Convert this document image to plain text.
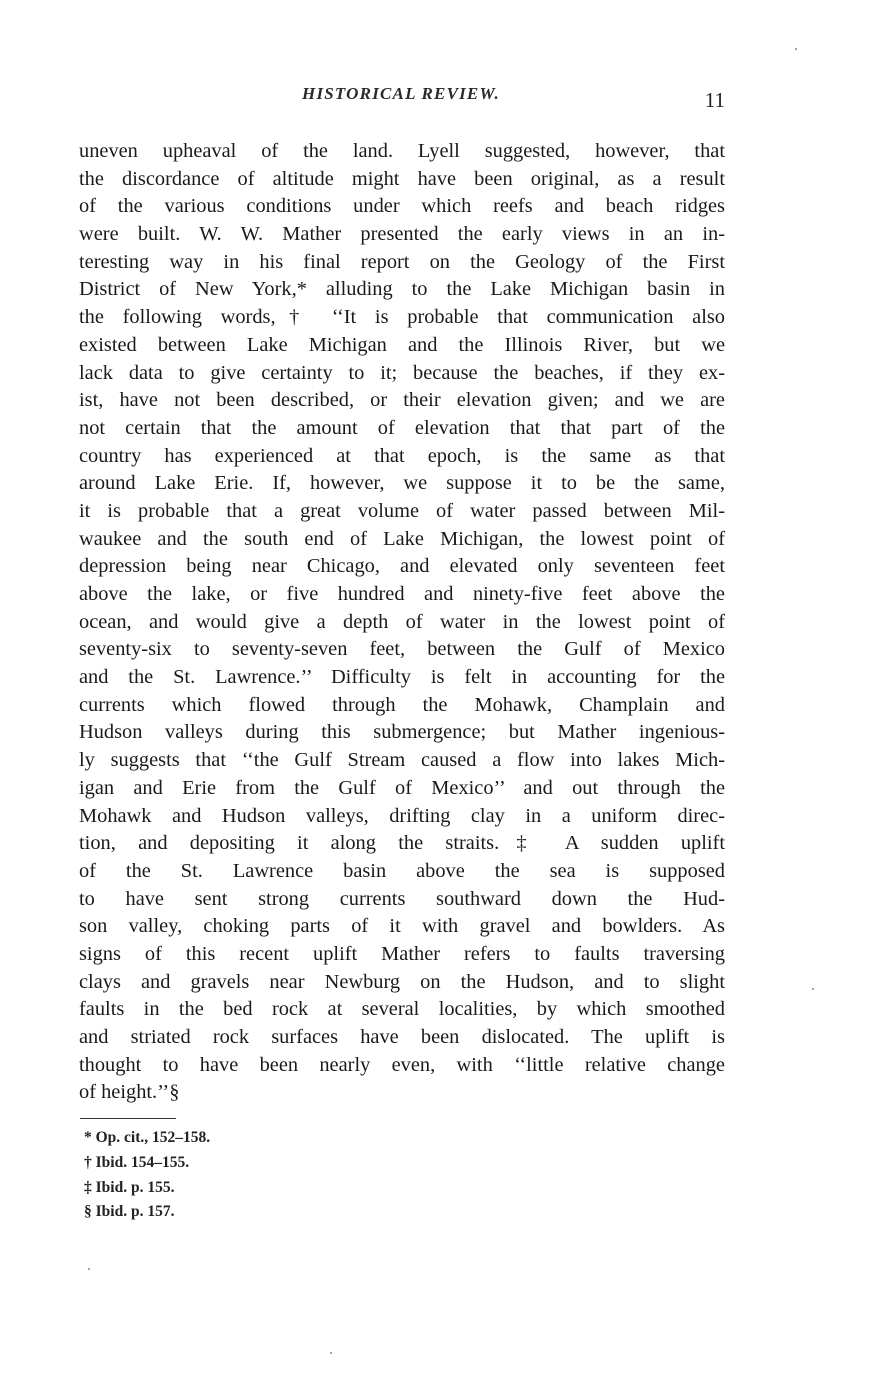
HISTORICAL REVIEW.	11
uneven upheaval of the land. Lyell suggested, however, that
the discordance of altitude might have been original, as a result
of the various conditions under which reefs and beach ridges
were built. W. W. Mather presented the early views in an in-
teresting way in his final report on the Geology of the First
District of New York,* alluding to the Lake Michigan basin in
the following words,† ‘‘It is probable that communication also
existed between Lake Michigan and the Illinois River, but we
lack data to give certainty to it; because the beaches, if they ex-
ist, have not been described, or their elevation given; and we are
not certain that the amount of elevation that that part of the
country has experienced at that epoch, is the same as that
around Lake Erie. If, however, we suppose it to be the same,
it is probable that a great volume of water passed between Mil-
waukee and the south end of Lake Michigan, the lowest point of
depression being near Chicago, and elevated only seventeen feet
above the lake, or five hundred and ninety-five feet above the
ocean, and would give a depth of water in the lowest point of
seventy-six to seventy-seven feet, between the Gulf of Mexico
and the St. Lawrence.’’ Difficulty is felt in accounting for the
currents which flowed through the Mohawk, Champlain and
Hudson valleys during this submergence; but Mather ingenious-
ly suggests that ‘‘the Gulf Stream caused a flow into lakes Mich-
igan and Erie from the Gulf of Mexico’’ and out through the
Mohawk and Hudson valleys, drifting clay in a uniform direc-
tion, and depositing it along the straits.‡ A sudden uplift
of the St. Lawrence basin above the sea is supposed
to have sent strong currents southward down the Hud-
son valley, choking parts of it with gravel and bowlders. As
signs of this recent uplift Mather refers to faults traversing
clays and gravels near Newburg on the Hudson, and to slight
faults in the bed rock at several localities, by which smoothed
and striated rock surfaces have been dislocated. The uplift is
thought to have been nearly even, with ‘‘little relative change
of height.’’§
* Op. cit., 152–158.
† Ibid. 154–155.
‡ Ibid. p. 155.
§ Ibid. p. 157.
